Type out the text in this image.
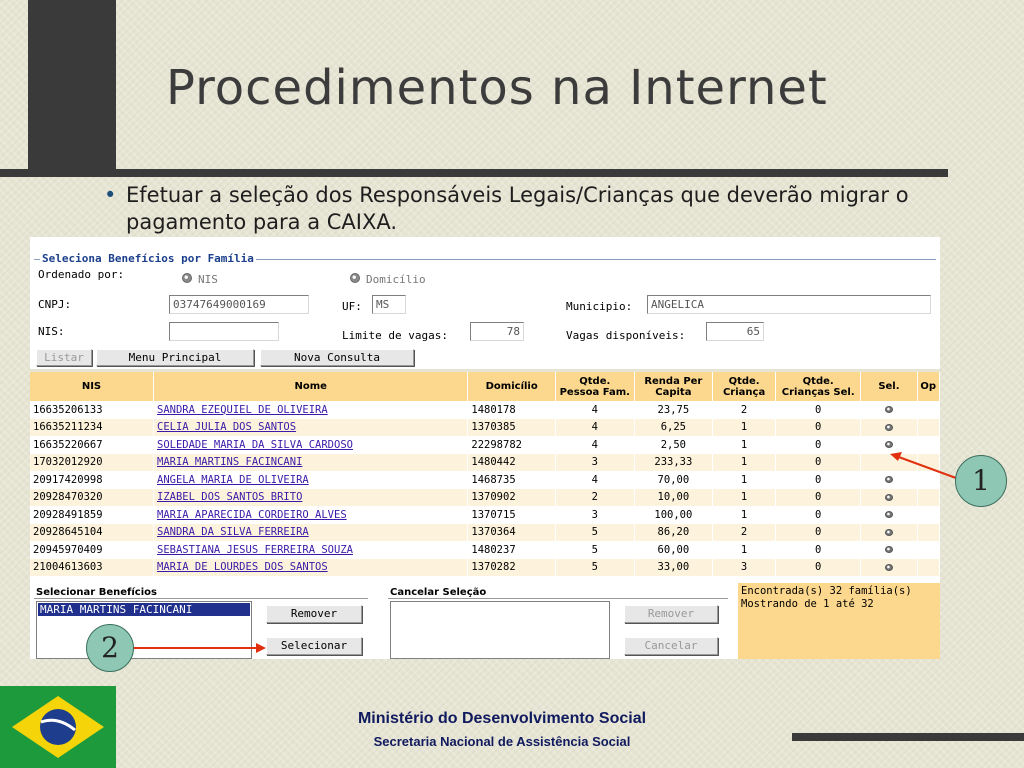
Procedimentos na Internet
• Efetuar a seleção dos Responsáveis Legais/Crianças que deverão migrar o pagamento para a CAIXA.
Seleciona Benefícios por Família
Ordenado por:	NIS	Domicílio
CNPJ:	03747649000169	UF:	MS	Municipio:	ANGELICA
NIS:	Limite de vagas:	78	Vagas disponíveis:	65
Listar	Menu Principal	Nova Consulta
NIS	Nome	Domicílio	Qtde. Pessoa Fam.	Renda Per Capita	Qtde. Criança	Qtde. Crianças Sel.	Sel.	Op
16635206133	SANDRA EZEQUIEL DE OLIVEIRA	1480178	4	23,75	2	0		
16635211234	CELIA JULIA DOS SANTOS	1370385	4	6,25	1	0		
16635220667	SOLEDADE MARIA DA SILVA CARDOSO	22298782	4	2,50	1	0		
17032012920	MARIA MARTINS FACINCANI	1480442	3	233,33	1	0		
20917420998	ANGELA MARIA DE OLIVEIRA	1468735	4	70,00	1	0		
20928470320	IZABEL DOS SANTOS BRITO	1370902	2	10,00	1	0		
20928491859	MARIA APARECIDA CORDEIRO ALVES	1370715	3	100,00	1	0		
20928645104	SANDRA DA SILVA FERREIRA	1370364	5	86,20	2	0		
20945970409	SEBASTIANA JESUS FERREIRA SOUZA	1480237	5	60,00	1	0		
21004613603	MARIA DE LOURDES DOS SANTOS	1370282	5	33,00	3	0		
Selecionar Benefícios
MARIA MARTINS FACINCANI	Remover
Selecionar
Cancelar Seleção
Remover
Cancelar
Encontrada(s) 32 família(s)
Mostrando de 1 até 32
1
2
Ministério do Desenvolvimento Social
Secretaria Nacional de Assistência Social
